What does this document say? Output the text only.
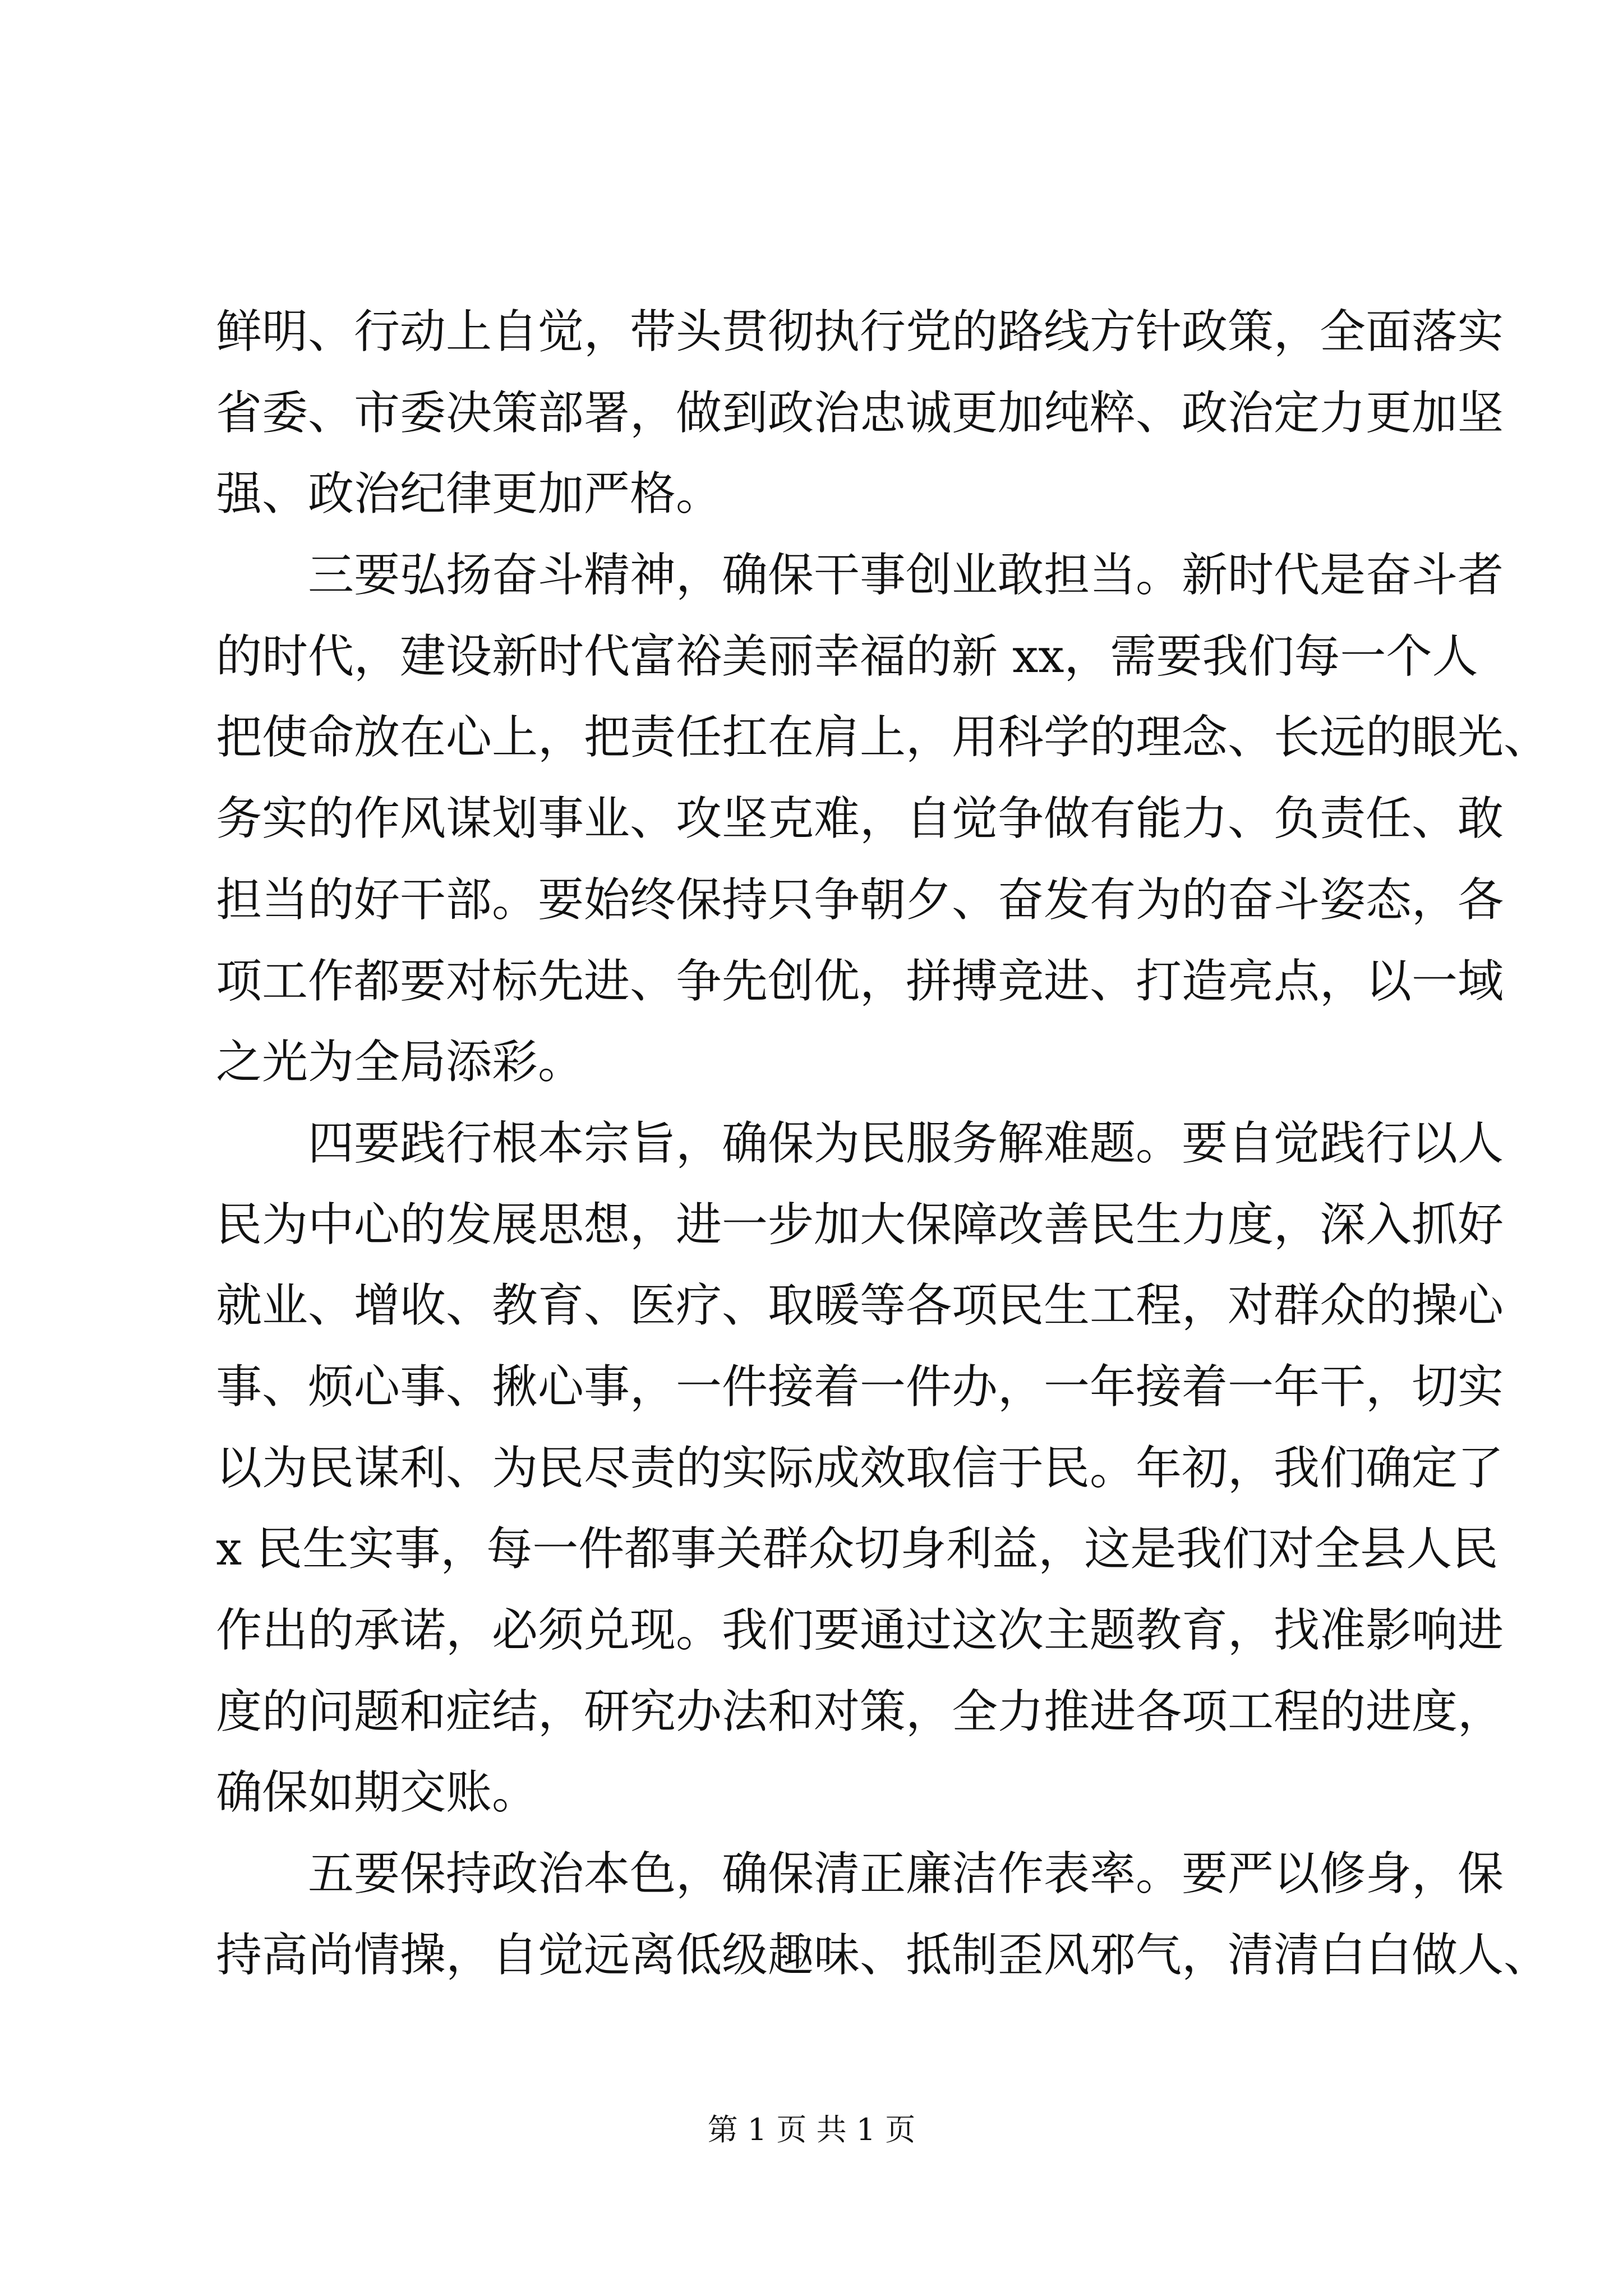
鲜明、行动上自觉，带头贯彻执行党的路线方针政策，全面落实
省委、市委决策部署，做到政治忠诚更加纯粹、政治定力更加坚
强、政治纪律更加严格。
三要弘扬奋斗精神，确保干事创业敢担当。新时代是奋斗者
的时代，建设新时代富裕美丽幸福的新 xx，需要我们每一个人
把使命放在心上，把责任扛在肩上，用科学的理念、长远的眼光、
务实的作风谋划事业、攻坚克难，自觉争做有能力、负责任、敢
担当的好干部。要始终保持只争朝夕、奋发有为的奋斗姿态，各
项工作都要对标先进、争先创优，拼搏竞进、打造亮点，以一域
之光为全局添彩。
四要践行根本宗旨，确保为民服务解难题。要自觉践行以人
民为中心的发展思想，进一步加大保障改善民生力度，深入抓好
就业、增收、教育、医疗、取暖等各项民生工程，对群众的操心
事、烦心事、揪心事，一件接着一件办，一年接着一年干，切实
以为民谋利、为民尽责的实际成效取信于民。年初，我们确定了
x 民生实事，每一件都事关群众切身利益，这是我们对全县人民
作出的承诺，必须兑现。我们要通过这次主题教育，找准影响进
度的问题和症结，研究办法和对策，全力推进各项工程的进度，
确保如期交账。
五要保持政治本色，确保清正廉洁作表率。要严以修身，保
持高尚情操，自觉远离低级趣味、抵制歪风邪气，清清白白做人、
第 1 页 共 1 页
